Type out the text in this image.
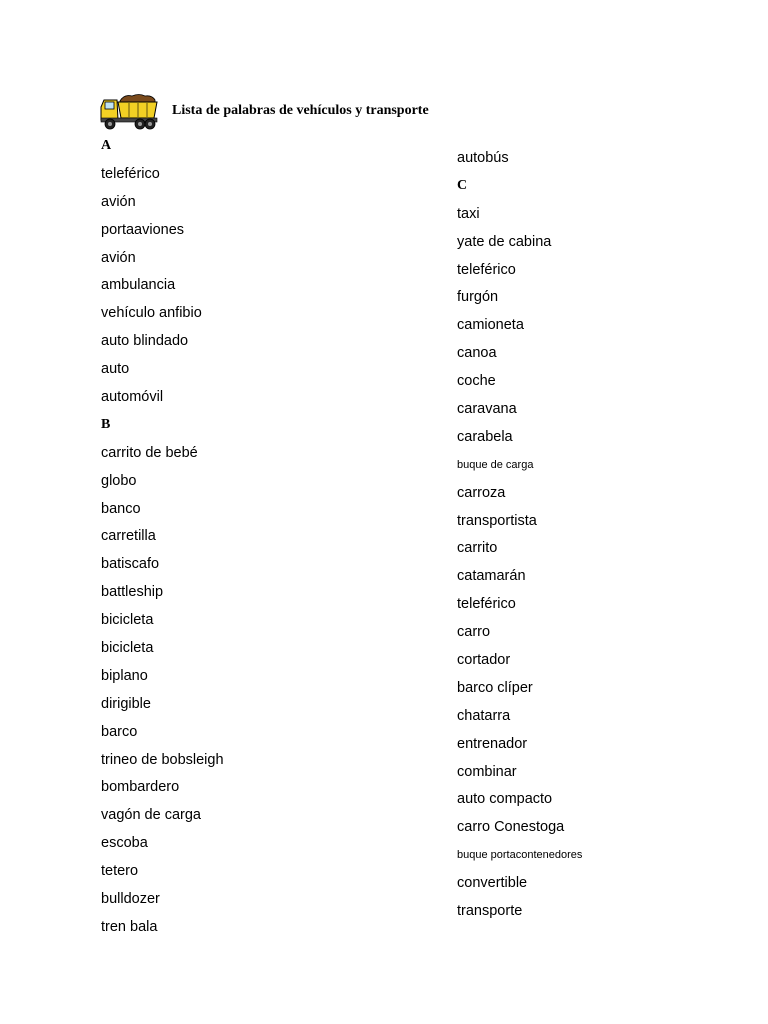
Lista de palabras de vehículos y transporte
A
teleférico
avión
portaaviones
avión
ambulancia
vehículo anfibio
auto blindado
auto
automóvil
B
carrito de bebé
globo
banco
carretilla
batiscafo
battleship
bicicleta
bicicleta
biplano
dirigible
barco
trineo de bobsleigh
bombardero
vagón de carga
escoba
tetero
bulldozer
tren bala
autobús
C
taxi
yate de cabina
teleférico
furgón
camioneta
canoa
coche
caravana
carabela
buque de carga
carroza
transportista
carrito
catamarán
teleférico
carro
cortador
barco clíper
chatarra
entrenador
combinar
auto compacto
carro Conestoga
buque portacontenedores
convertible
transporte
